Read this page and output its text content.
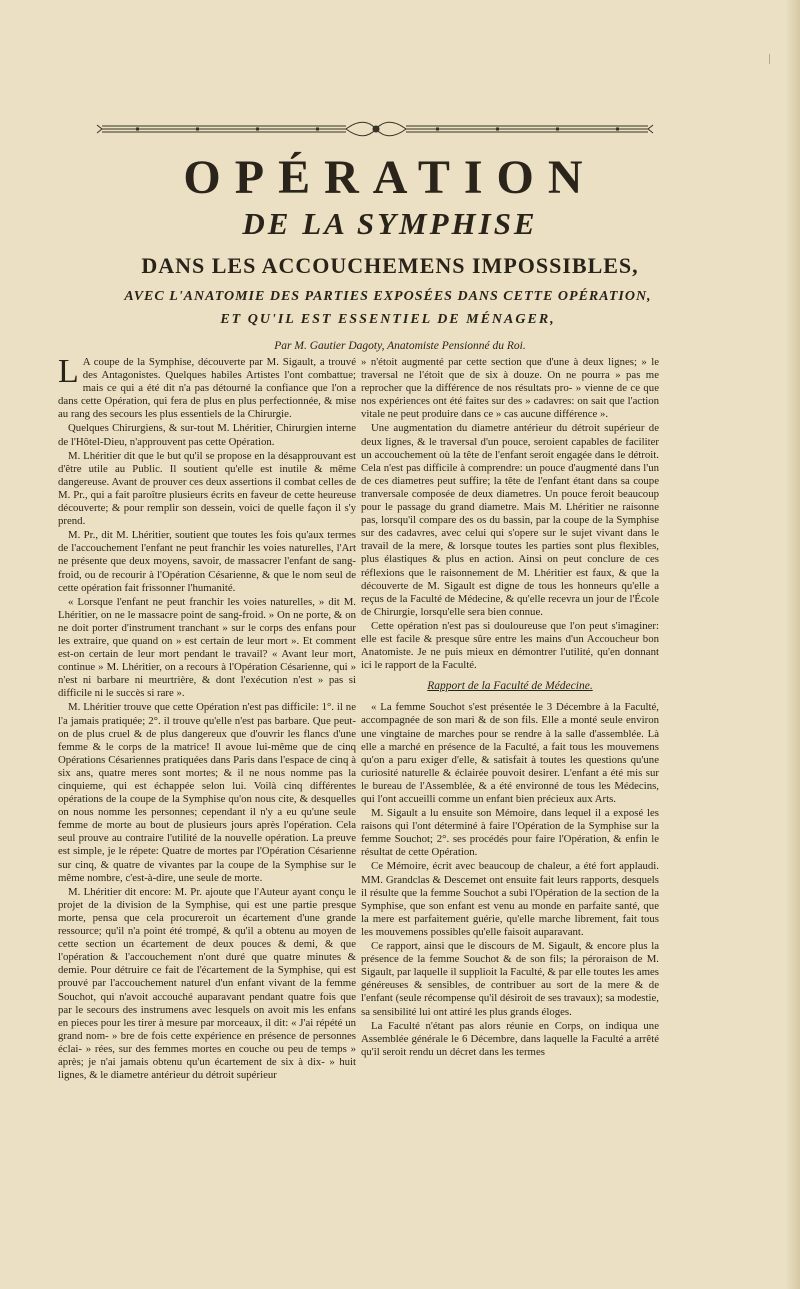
OPÉRATION
DE LA SYMPHISE
DANS LES ACCOUCHEMENS IMPOSSIBLES,
AVEC L'ANATOMIE DES PARTIES EXPOSÉES DANS CETTE OPÉRATION,
ET QU'IL EST ESSENTIEL DE MÉNAGER,
Par M. Gautier Dagoty, Anatomiste Pensionné du Roi.

L A coupe de la Symphise, découverte par M. Sigault, a trouvé des Antagonistes. Quelques habiles Artistes l'ont combattue; mais ce qui a été dit n'a pas détourné la confiance que l'on a dans cette Opération, qui fera de plus en plus perfectionnée, & mise au rang des secours les plus essentiels de la Chirurgie.

Quelques Chirurgiens, & sur-tout M. Lhéritier, Chirurgien interne de l'Hôtel-Dieu, n'approuvent pas cette Opération.

M. Lhéritier dit que le but qu'il se propose en la désapprouvant est d'être utile au Public. Il soutient qu'elle est inutile & même dangereuse. Avant de prouver ces deux assertions il combat celles de M. Pr., qui a fait paroître plusieurs écrits en faveur de cette heureuse découverte; & pour remplir son dessein, voici de quelle façon il s'y prend.

M. Pr., dit M. Lhéritier, soutient que toutes les fois qu'aux termes de l'accouchement l'enfant ne peut franchir les voies naturelles, l'Art ne présente que deux moyens, savoir, de massacrer l'enfant de sang-froid, ou de recourir à l'Opération Césarienne, & que le nom seul de cette opération fait frissonner l'humanité.

« Lorsque l'enfant ne peut franchir les voies naturelles, » dit M. Lhéritier, on ne le massacre point de sang-froid. » On ne porte, & on ne doit porter d'instrument tranchant » sur le corps des enfans pour les extraire, que quand on » est certain de leur mort ». Et comment est-on certain de leur mort pendant le travail? « Avant leur mort, continue » M. Lhéritier, on a recours à l'Opération Césarienne, qui » n'est ni barbare ni meurtrière, & dont l'exécution n'est » pas si difficile ni le succès si rare ».

M. Lhéritier trouve que cette Opération n'est pas difficile: 1°. il ne l'a jamais pratiquée; 2°. il trouve qu'elle n'est pas barbare. Que peut-on de plus cruel & de plus dangereux que d'ouvrir les flancs d'une femme & le corps de la matrice! Il avoue lui-même que de cinq Opérations Césariennes pratiquées dans Paris dans l'espace de cinq à six ans, quatre meres sont mortes; & il ne nous nomme pas la cinquieme, qui est échappée selon lui. Voilà cinq différentes opérations de la coupe de la Symphise qu'on nous cite, & desquelles on nous nomme les personnes; cependant il n'y a eu qu'une seule femme de morte au bout de plusieurs jours après l'opération. Cela seul prouve au contraire l'utilité de la nouvelle opération. La preuve est simple, je le répete: Quatre de mortes par l'Opération Césarienne sur cinq, & quatre de vivantes par la coupe de la Symphise sur le même nombre, c'est-à-dire, une seule de morte.

M. Lhéritier dit encore: M. Pr. ajoute que l'Auteur ayant conçu le projet de la division de la Symphise, qui est une partie presque morte, pensa que cela procureroit un écartement d'une grande ressource; qu'il n'a point été trompé, & qu'il a obtenu au moyen de cette section un écartement de deux pouces & demi, & que l'opération & l'accouchement n'ont duré que quatre minutes & demie. Pour détruire ce fait de l'écartement de la Symphise, qui est prouvé par l'accouchement naturel d'un enfant vivant de la femme Souchot, qui n'avoit accouché auparavant pendant quatre fois que par le secours des instrumens avec lesquels on avoit mis les enfans en pieces pour les tirer à mesure par morceaux, il dit: « J'ai répété un grand nom- » bre de fois cette expérience en présence de personnes éclai- » rées, sur des femmes mortes en couche ou peu de temps » après; je n'ai jamais obtenu qu'un écartement de six à dix- » huit lignes, & le diametre antérieur du détroit supérieur

» n'étoit augmenté par cette section que d'une à deux lignes; » le traversal ne l'étoit que de six à douze. On ne pourra » pas me reprocher que la différence de nos résultats pro- » vienne de ce que nos expériences ont été faites sur des » cadavres: on sait que l'action vitale ne peut produire dans ce » cas aucune différence ».

Une augmentation du diametre antérieur du détroit supérieur de deux lignes, & le traversal d'un pouce, seroient capables de faciliter un accouchement où la tête de l'enfant seroit engagée dans le détroit. Cela n'est pas difficile à comprendre: un pouce d'augmenté dans l'un de ces diametres peut suffire; la tête de l'enfant étant dans sa coupe tranversale composée de deux diametres. Un pouce feroit beaucoup pour le passage du grand diametre. Mais M. Lhéritier ne raisonne pas, lorsqu'il compare des os du bassin, par la coupe de la Symphise sur des cadavres, avec celui qui s'opere sur le sujet vivant dans le travail de la mere, & lorsque toutes les parties sont plus flexibles, plus élastiques & plus en action. Ainsi on peut conclure de ces réflexions que le raisonnement de M. Lhéritier est faux, & que la découverte de M. Sigault est digne de tous les honneurs qu'elle a reçus de la Faculté de Médecine, & qu'elle recevra un jour de l'École de Chirurgie, lorsqu'elle sera bien connue.

Cette opération n'est pas si douloureuse que l'on peut s'imaginer: elle est facile & presque sûre entre les mains d'un Accoucheur bon Anatomiste. Je ne puis mieux en démontrer l'utilité, qu'en donnant ici le rapport de la Faculté.

Rapport de la Faculté de Médecine.

« La femme Souchot s'est présentée le 3 Décembre à la Faculté, accompagnée de son mari & de son fils. Elle a monté seule environ une vingtaine de marches pour se rendre à la salle d'assemblée. Là elle a marché en présence de la Faculté, a fait tous les mouvemens qu'on a paru exiger d'elle, & satisfait à toutes les questions qu'une curiosité naturelle & éclairée pouvoit desirer. L'enfant a été mis sur le bureau de l'Assemblée, & a été environné de tous les Médecins, qui l'ont accueilli comme un enfant bien précieux aux Arts.

M. Sigault a lu ensuite son Mémoire, dans lequel il a exposé les raisons qui l'ont déterminé à faire l'Opération de la Symphise sur la femme Souchot; 2°. ses procédés pour faire l'Opération, & enfin le résultat de cette Opération.

Ce Mémoire, écrit avec beaucoup de chaleur, a été fort applaudi. MM. Grandclas & Descemet ont ensuite fait leurs rapports, desquels il résulte que la femme Souchot a subi l'Opération de la section de la Symphise, que son enfant est venu au monde en parfaite santé, que la mere est parfaitement guérie, qu'elle marche librement, fait tous les mouvemens possibles qu'elle faisoit auparavant.

Ce rapport, ainsi que le discours de M. Sigault, & encore plus la présence de la femme Souchot & de son fils; la péroraison de M. Sigault, par laquelle il supplioit la Faculté, & par elle toutes les ames généreuses & sensibles, de contribuer au sort de la mere & de l'enfant (seule récompense qu'il désiroit de ses travaux); sa modestie, sa sensibilité lui ont attiré les plus grands éloges.

La Faculté n'étant pas alors réunie en Corps, on indiqua une Assemblée générale le 6 Décembre, dans laquelle la Faculté a arrêté qu'il seroit rendu un décret dans les termes
